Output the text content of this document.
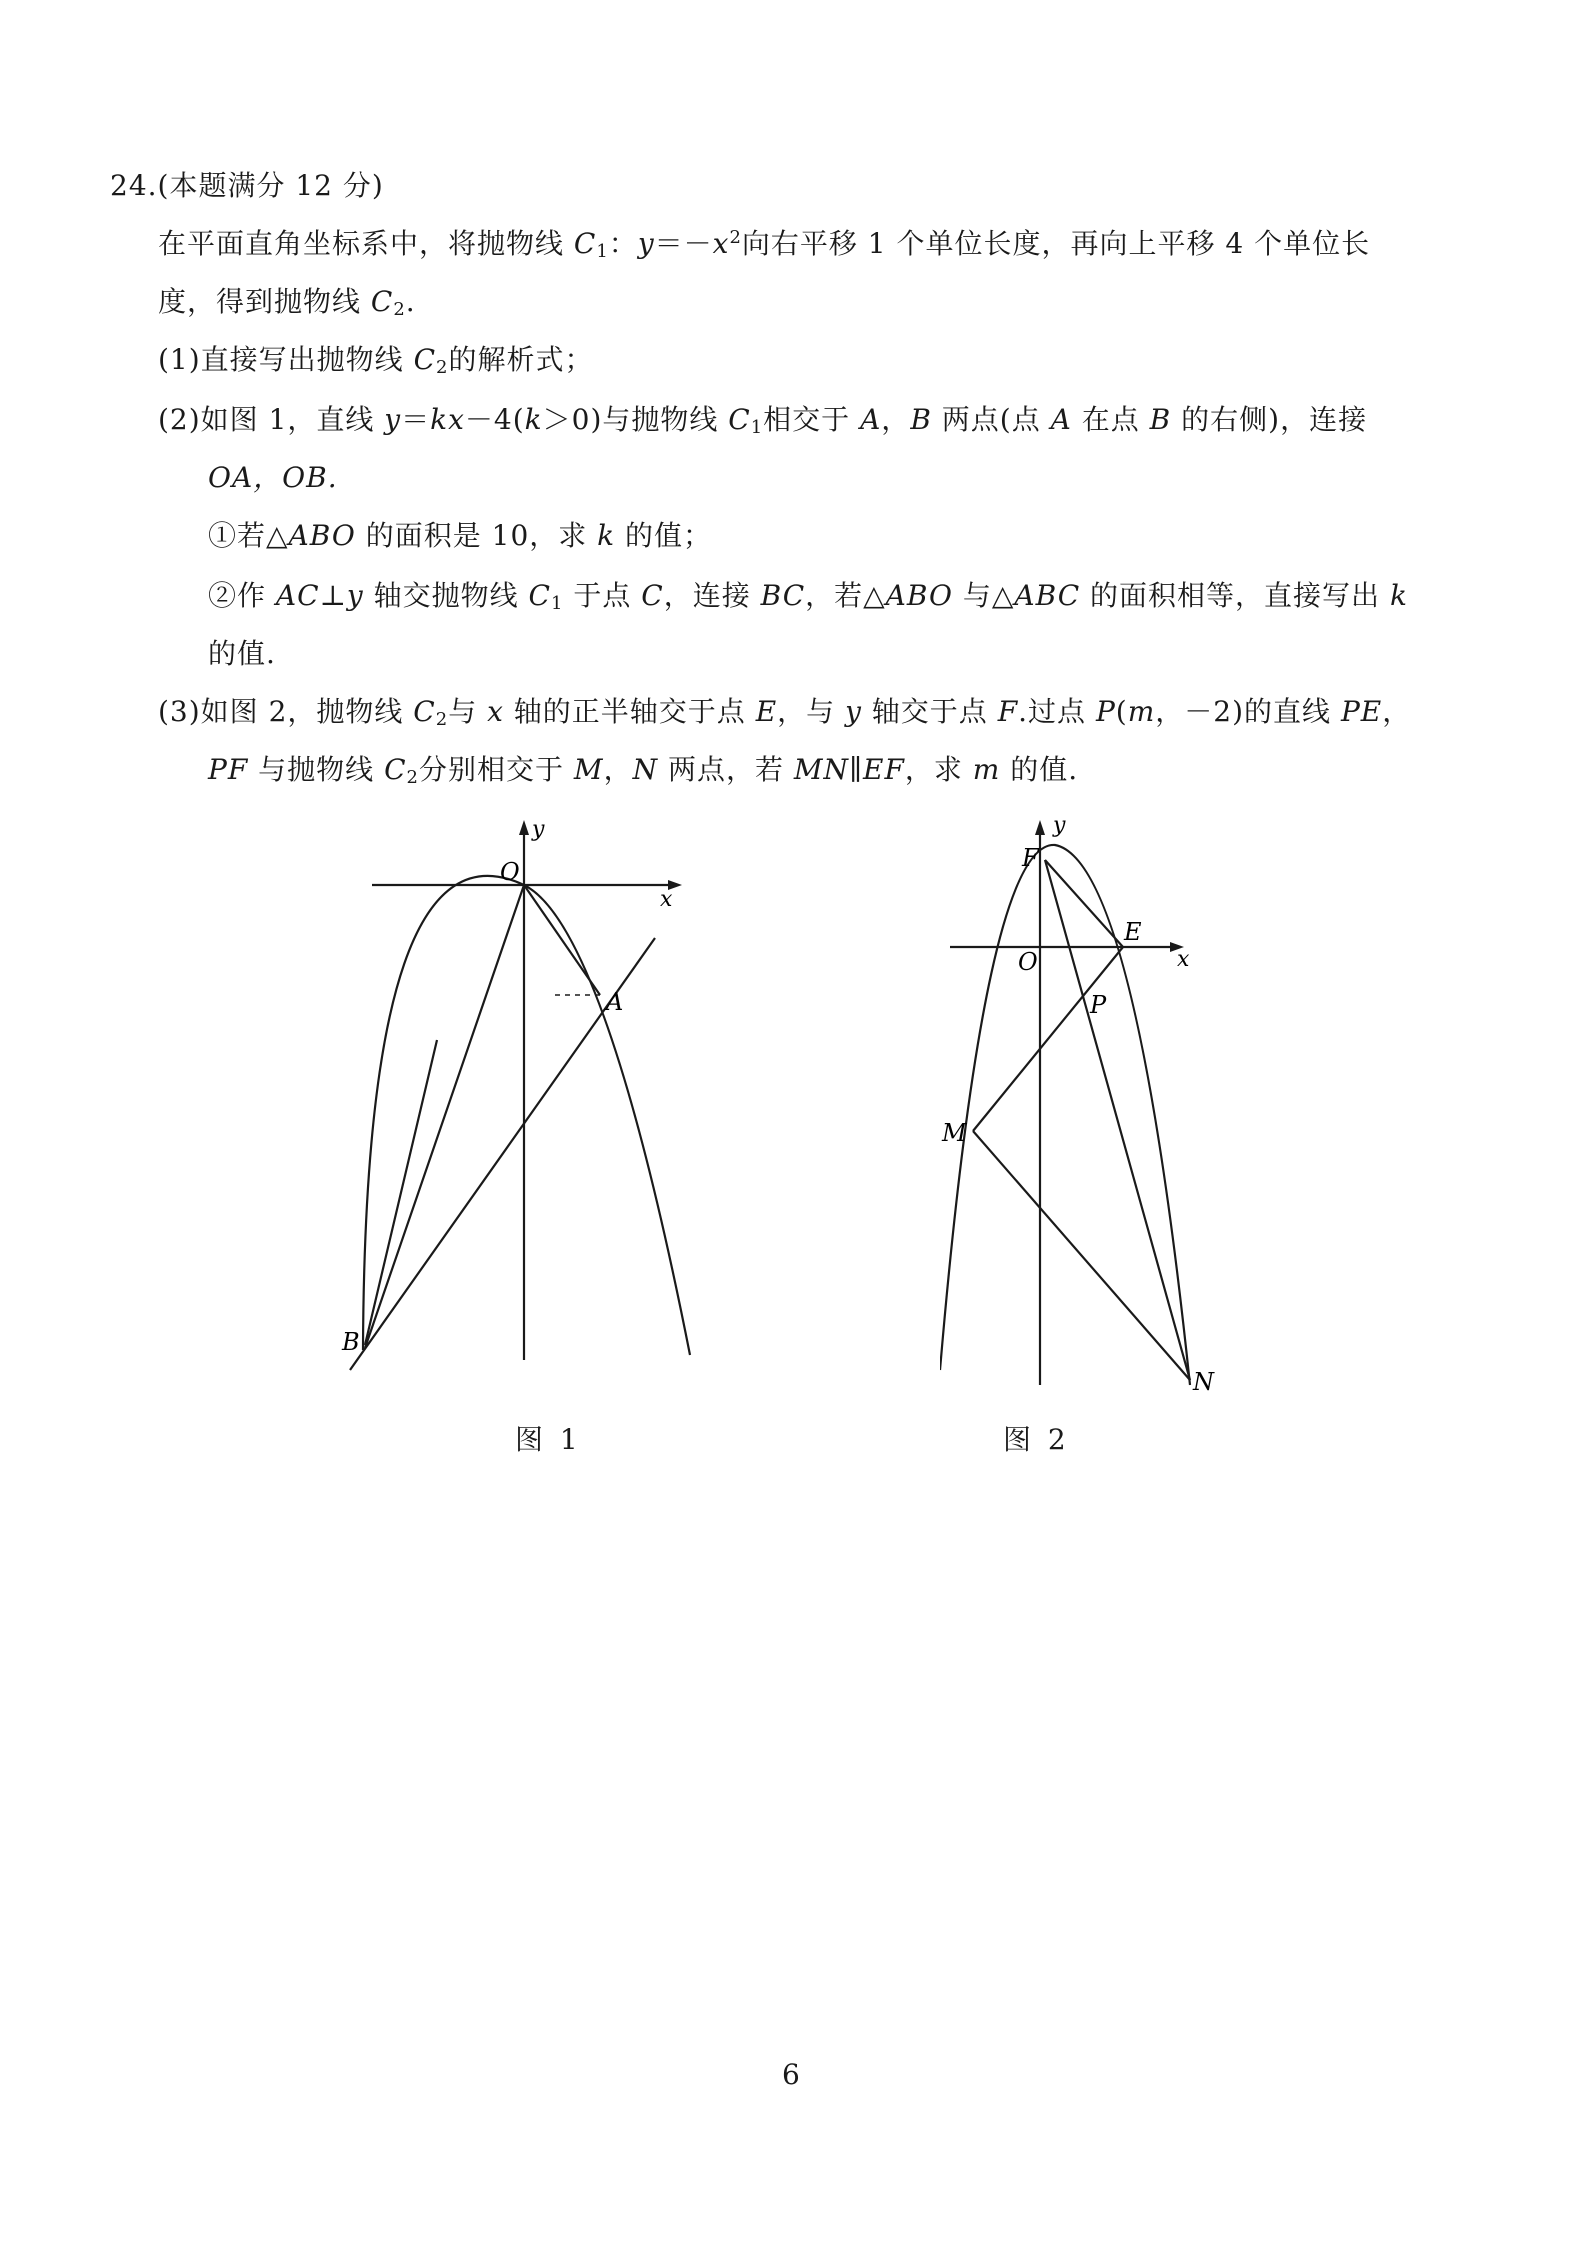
24.(本题满分 12 分)
在平面直角坐标系中，将抛物线 $C_1$：$y=-x^2$向右平移 1 个单位长度，再向上平移 4 个单位长
度，得到抛物线 $C_2$.
(1)直接写出抛物线 $C_2$的解析式；
(2)如图 1，直线 y＝kx－4(k＞0)与抛物线 $C_1$相交于 A，B 两点(点 A 在点 B 的右侧)，连接
OA，OB.
①若△ABO 的面积是 10，求 k 的值；
②作 AC⊥y 轴交抛物线 $C_1$ 于点 C，连接 BC，若△ABO 与△ABC 的面积相等，直接写出 k
的值.
(3)如图 2，抛物线 $C_2$与 x 轴的正半轴交于点 E，与 y 轴交于点 F.过点 P(m，－2)的直线 PE，
PF 与抛物线 $C_2$分别相交于 M，N 两点，若 MN∥EF，求 m 的值.
y
x
O
A
B
y
x
O
F
E
P
M
N
图 1	图 2
6
